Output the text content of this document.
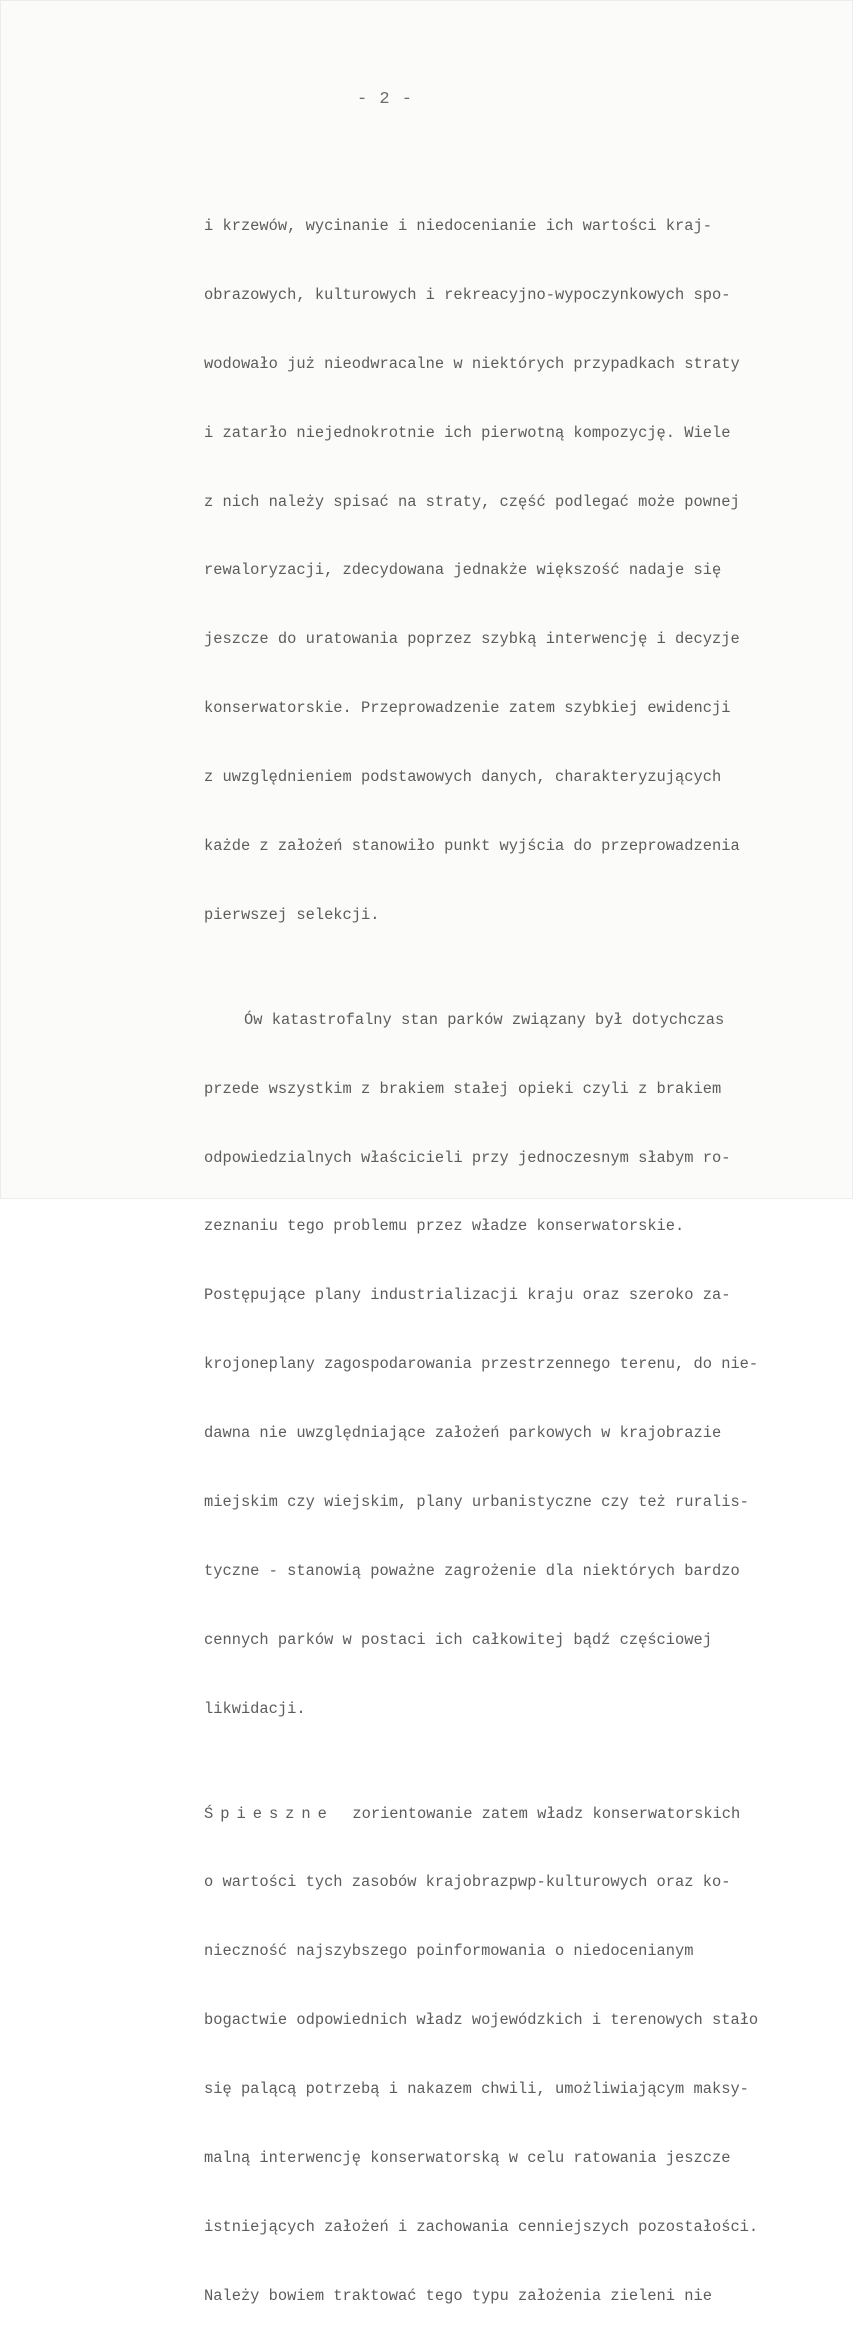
- 2 -

i krzewów, wycinanie i niedocenianie ich wartości kraj-

obrazowych, kulturowych i rekreacyjno-wypoczynkowych spo-

wodowało już nieodwracalne w niektórych przypadkach straty

i zatarło niejednokrotnie ich pierwotną kompozycję. Wiele

z nich należy spisać na straty, część podlegać może pownej

rewaloryzacji, zdecydowana jednakże większość nadaje się

jeszcze do uratowania poprzez szybką interwencję i decyzje

konserwatorskie. Przeprowadzenie zatem szybkiej ewidencji

z uwzględnieniem podstawowych danych, charakteryzujących

każde z założeń stanowiło punkt wyjścia do przeprowadzenia

pierwszej selekcji.

Ów katastrofalny stan parków związany był dotychczas

przede wszystkim z brakiem stałej opieki czyli z brakiem

odpowiedzialnych właścicieli przy jednoczesnym słabym ro-

zeznaniu tego problemu przez władze konserwatorskie.

Postępujące plany industrializacji kraju oraz szeroko za-

krojoneplany zagospodarowania przestrzennego terenu, do nie-

dawna nie uwzględniające założeń parkowych w krajobrazie

miejskim czy wiejskim, plany urbanistyczne czy też ruralis-

tyczne - stanowią poważne zagrożenie dla niektórych bardzo

cennych parków w postaci ich całkowitej bądź częściowej

likwidacji.

Śpieszne  zorientowanie zatem władz konserwatorskich

o wartości tych zasobów krajobrazpwp-kulturowych oraz ko-

nieczność najszybszego poinformowania o niedocenianym

bogactwie odpowiednich władz wojewódzkich i terenowych stało

się palącą potrzebą i nakazem chwili, umożliwiającym maksy-

malną interwencję konserwatorską w celu ratowania jeszcze

istniejących założeń i zachowania cenniejszych pozostałości.

Należy bowiem traktować tego typu założenia zieleni nie
